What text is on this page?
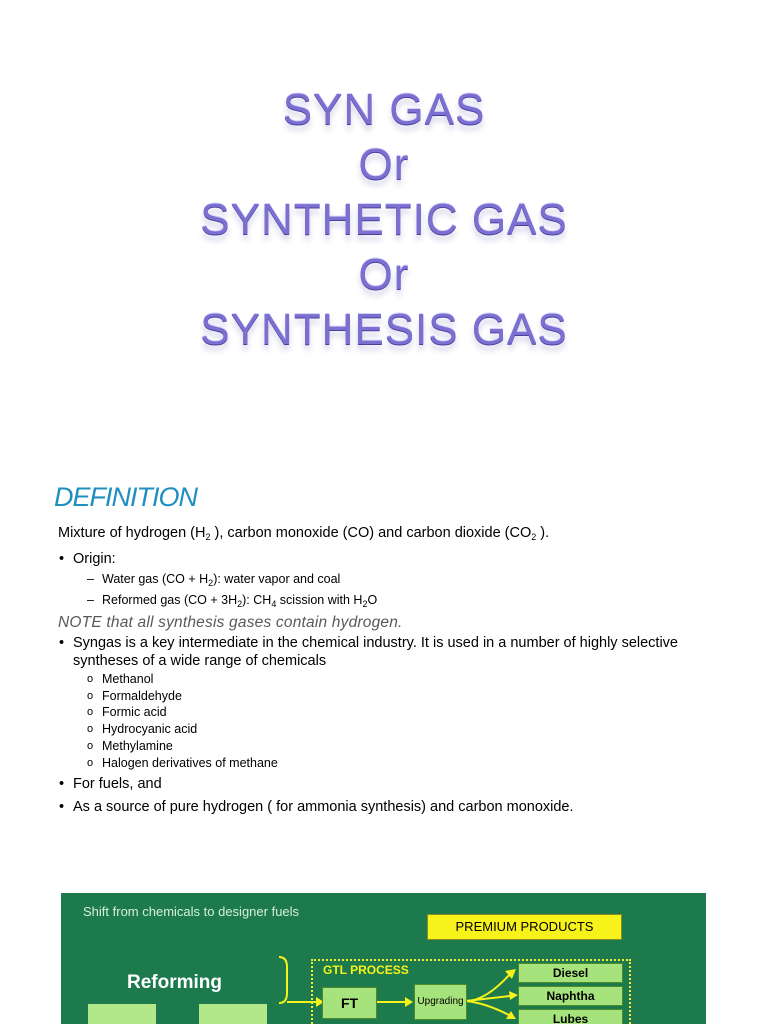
SYN GAS
Or
SYNTHETIC GAS
Or
SYNTHESIS GAS
DEFINITION

Mixture of hydrogen ($H_2$ ), carbon monoxide (CO) and carbon dioxide ($CO_2$ ).

• Origin:

– Water gas $(CO + H_2)$: water vapor and coal

– Reformed gas $(CO + 3H_2)$: $CH_4$ scission with $H_2O$

NOTE that all synthesis gases contain hydrogen.

• Syngas is a key intermediate in the chemical industry. It is used in a number of highly selective syntheses of a wide range of chemicals

o Methanol

o Formaldehyde

o Formic acid

o Hydrocyanic acid

o Methylamine

o Halogen derivatives of methane

• For fuels, and

• As a source of pure hydrogen ( for ammonia synthesis) and carbon monoxide.

Shift from chemicals to designer fuels
PREMIUM PRODUCTS
Reforming
GTL PROCESS
FT	Upgrading
Diesel
Naphtha
Lubes
